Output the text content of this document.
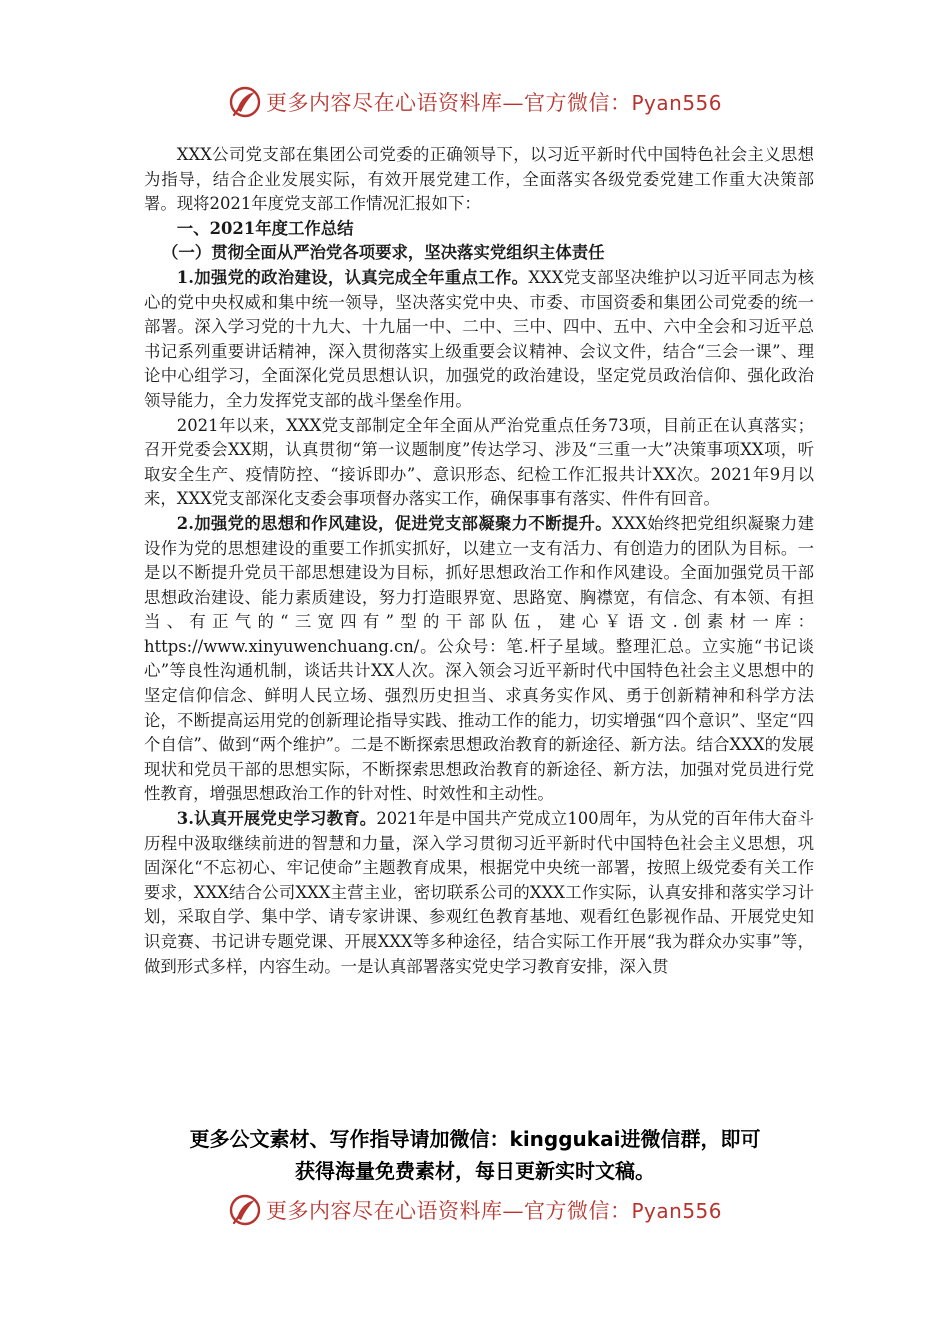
更多内容尽在心语资料库—官方微信：Pyan556

XXX公司党支部在集团公司党委的正确领导下，以习近平新时代中国特色社会主义思想为指导，结合企业发展实际，有效开展党建工作，全面落实各级党委党建工作重大决策部署。现将2021年度党支部工作情况汇报如下：

一、2021年度工作总结

（一）贯彻全面从严治党各项要求，坚决落实党组织主体责任

1.加强党的政治建设，认真完成全年重点工作。XXX党支部坚决维护以习近平同志为核心的党中央权威和集中统一领导，坚决落实党中央、市委、市国资委和集团公司党委的统一部署。深入学习党的十九大、十九届一中、二中、三中、四中、五中、六中全会和习近平总书记系列重要讲话精神，深入贯彻落实上级重要会议精神、会议文件，结合“三会一课”、理论中心组学习，全面深化党员思想认识，加强党的政治建设，坚定党员政治信仰、强化政治领导能力，全力发挥党支部的战斗堡垒作用。

2021年以来，XXX党支部制定全年全面从严治党重点任务73项，目前正在认真落实；召开党委会XX期，认真贯彻“第一议题制度”传达学习、涉及“三重一大”决策事项XX项，听取安全生产、疫情防控、“接诉即办”、意识形态、纪检工作汇报共计XX次。2021年9月以来，XXX党支部深化支委会事项督办落实工作，确保事事有落实、件件有回音。

2.加强党的思想和作风建设，促进党支部凝聚力不断提升。XXX始终把党组织凝聚力建设作为党的思想建设的重要工作抓实抓好，以建立一支有活力、有创造力的团队为目标。一是以不断提升党员干部思想建设为目标，抓好思想政治工作和作风建设。全面加强党员干部思想政治建设、能力素质建设，努力打造眼界宽、思路宽、胸襟宽，有信念、有本领、有担当、有正气的“三宽四有”型的干部队伍，建心￥语文.创素材一库：https://www.xinyuwenchuang.cn/。公众号：笔.杆子星域。整理汇总。立实施“书记谈心”等良性沟通机制，谈话共计XX人次。深入领会习近平新时代中国特色社会主义思想中的坚定信仰信念、鲜明人民立场、强烈历史担当、求真务实作风、勇于创新精神和科学方法论，不断提高运用党的创新理论指导实践、推动工作的能力，切实增强“四个意识”、坚定“四个自信”、做到“两个维护”。二是不断探索思想政治教育的新途径、新方法。结合XXX的发展现状和党员干部的思想实际，不断探索思想政治教育的新途径、新方法，加强对党员进行党性教育，增强思想政治工作的针对性、时效性和主动性。

3.认真开展党史学习教育。2021年是中国共产党成立100周年，为从党的百年伟大奋斗历程中汲取继续前进的智慧和力量，深入学习贯彻习近平新时代中国特色社会主义思想，巩固深化“不忘初心、牢记使命”主题教育成果，根据党中央统一部署，按照上级党委有关工作要求，XXX结合公司XXX主营主业，密切联系公司的XXX工作实际，认真安排和落实学习计划，采取自学、集中学、请专家讲课、参观红色教育基地、观看红色影视作品、开展党史知识竞赛、书记讲专题党课、开展XXX等多种途径，结合实际工作开展“我为群众办实事”等，做到形式多样，内容生动。一是认真部署落实党史学习教育安排，深入贯

更多公文素材、写作指导请加微信：kinggukai进微信群，即可
获得海量免费素材，每日更新实时文稿。
更多内容尽在心语资料库—官方微信：Pyan556
